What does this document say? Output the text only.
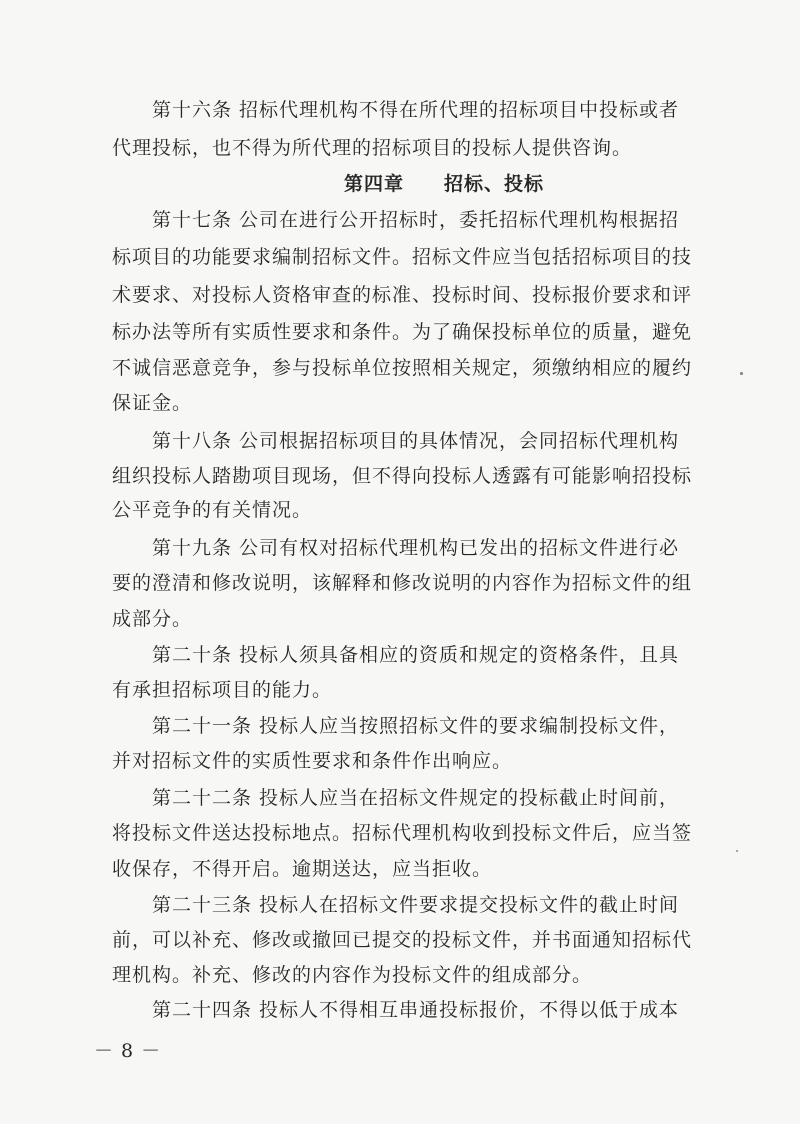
第十六条 招标代理机构不得在所代理的招标项目中投标或者
代理投标，也不得为所代理的招标项目的投标人提供咨询。
第四章　　招标、投标
第十七条 公司在进行公开招标时，委托招标代理机构根据招
标项目的功能要求编制招标文件。招标文件应当包括招标项目的技
术要求、对投标人资格审查的标准、投标时间、投标报价要求和评
标办法等所有实质性要求和条件。为了确保投标单位的质量，避免
不诚信恶意竞争，参与投标单位按照相关规定，须缴纳相应的履约
保证金。
第十八条 公司根据招标项目的具体情况，会同招标代理机构
组织投标人踏勘项目现场，但不得向投标人透露有可能影响招投标
公平竞争的有关情况。
第十九条 公司有权对招标代理机构已发出的招标文件进行必
要的澄清和修改说明，该解释和修改说明的内容作为招标文件的组
成部分。
第二十条 投标人须具备相应的资质和规定的资格条件，且具
有承担招标项目的能力。
第二十一条 投标人应当按照招标文件的要求编制投标文件，
并对招标文件的实质性要求和条件作出响应。
第二十二条 投标人应当在招标文件规定的投标截止时间前，
将投标文件送达投标地点。招标代理机构收到投标文件后，应当签
收保存，不得开启。逾期送达，应当拒收。
第二十三条 投标人在招标文件要求提交投标文件的截止时间
前，可以补充、修改或撤回已提交的投标文件，并书面通知招标代
理机构。补充、修改的内容作为投标文件的组成部分。
第二十四条 投标人不得相互串通投标报价，不得以低于成本
－ 8 －
